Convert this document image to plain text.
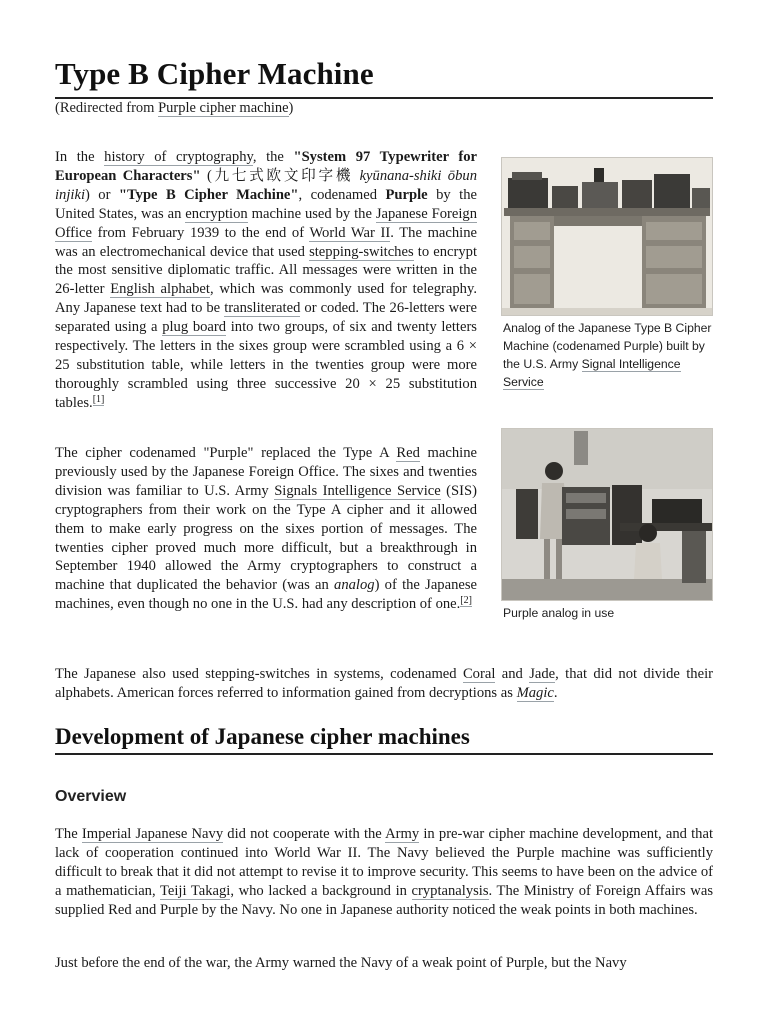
Type B Cipher Machine
(Redirected from Purple cipher machine)

In the history of cryptography, the "System 97 Typewriter for European Characters" (九七式欧文印字機 kyūnana-shiki ōbun injiki) or "Type B Cipher Machine", codenamed Purple by the United States, was an encryption machine used by the Japanese Foreign Office from February 1939 to the end of World War II. The machine was an electromechanical device that used stepping-switches to encrypt the most sensitive diplomatic traffic. All messages were written in the 26-letter English alphabet, which was commonly used for telegraphy. Any Japanese text had to be transliterated or coded. The 26-letters were separated using a plug board into two groups, of six and twenty letters respectively. The letters in the sixes group were scrambled using a 6 × 25 substitution table, while letters in the twenties group were more thoroughly scrambled using three successive 20 × 25 substitution tables.[1]

Analog of the Japanese Type B Cipher Machine (codenamed Purple) built by the U.S. Army Signal Intelligence Service

The cipher codenamed "Purple" replaced the Type A Red machine previously used by the Japanese Foreign Office. The sixes and twenties division was familiar to U.S. Army Signals Intelligence Service (SIS) cryptographers from their work on the Type A cipher and it allowed them to make early progress on the sixes portion of messages. The twenties cipher proved much more difficult, but a breakthrough in September 1940 allowed the Army cryptographers to construct a machine that duplicated the behavior (was an analog) of the Japanese machines, even though no one in the U.S. had any description of one.[2]

Purple analog in use

The Japanese also used stepping-switches in systems, codenamed Coral and Jade, that did not divide their alphabets. American forces referred to information gained from decryptions as Magic.

Development of Japanese cipher machines
Overview

The Imperial Japanese Navy did not cooperate with the Army in pre-war cipher machine development, and that lack of cooperation continued into World War II. The Navy believed the Purple machine was sufficiently difficult to break that it did not attempt to revise it to improve security. This seems to have been on the advice of a mathematician, Teiji Takagi, who lacked a background in cryptanalysis. The Ministry of Foreign Affairs was supplied Red and Purple by the Navy. No one in Japanese authority noticed the weak points in both machines.

Just before the end of the war, the Army warned the Navy of a weak point of Purple, but the Navy
